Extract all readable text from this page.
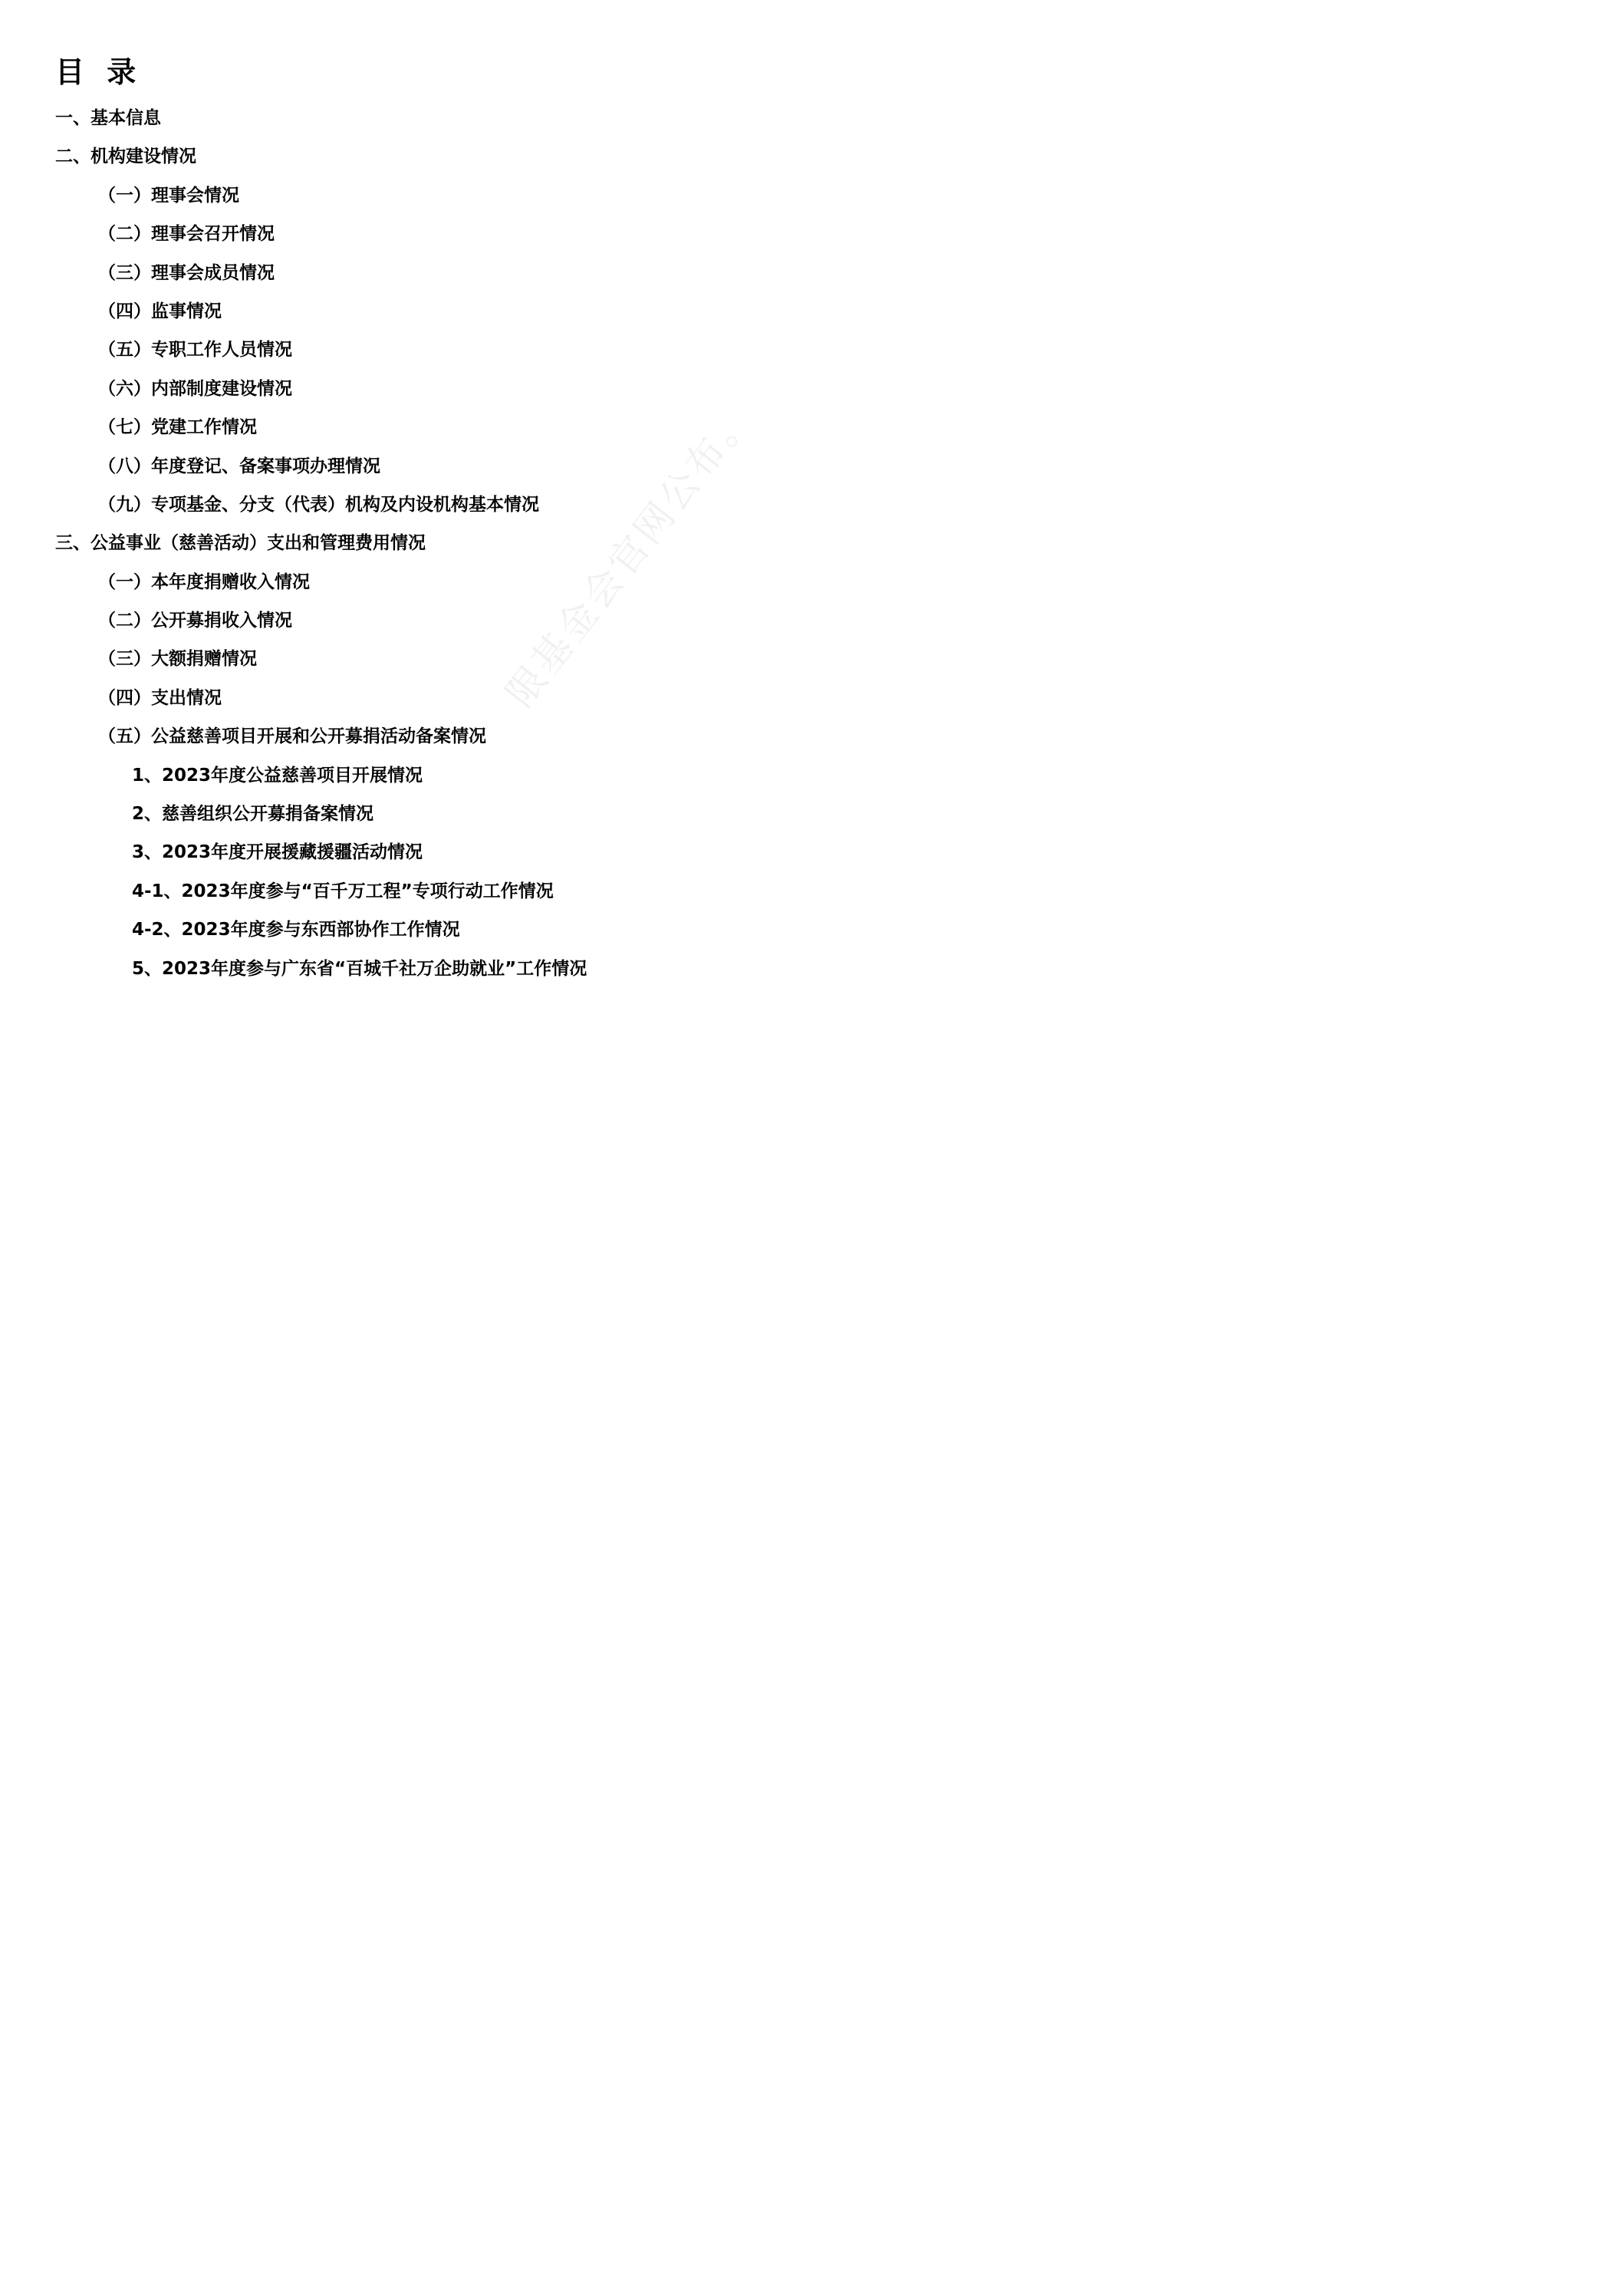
目 录
一、基本信息
二、机构建设情况
（一）理事会情况
（二）理事会召开情况
（三）理事会成员情况
（四）监事情况
（五）专职工作人员情况
（六）内部制度建设情况
（七）党建工作情况
（八）年度登记、备案事项办理情况
（九）专项基金、分支（代表）机构及内设机构基本情况
三、公益事业（慈善活动）支出和管理费用情况
（一）本年度捐赠收入情况
（二）公开募捐收入情况
（三）大额捐赠情况
（四）支出情况
（五）公益慈善项目开展和公开募捐活动备案情况
1、2023年度公益慈善项目开展情况
2、慈善组织公开募捐备案情况
3、2023年度开展援藏援疆活动情况
4-1、2023年度参与“百千万工程”专项行动工作情况
4-2、2023年度参与东西部协作工作情况
5、2023年度参与广东省“百城千社万企助就业”工作情况
限基金会官网公布。
